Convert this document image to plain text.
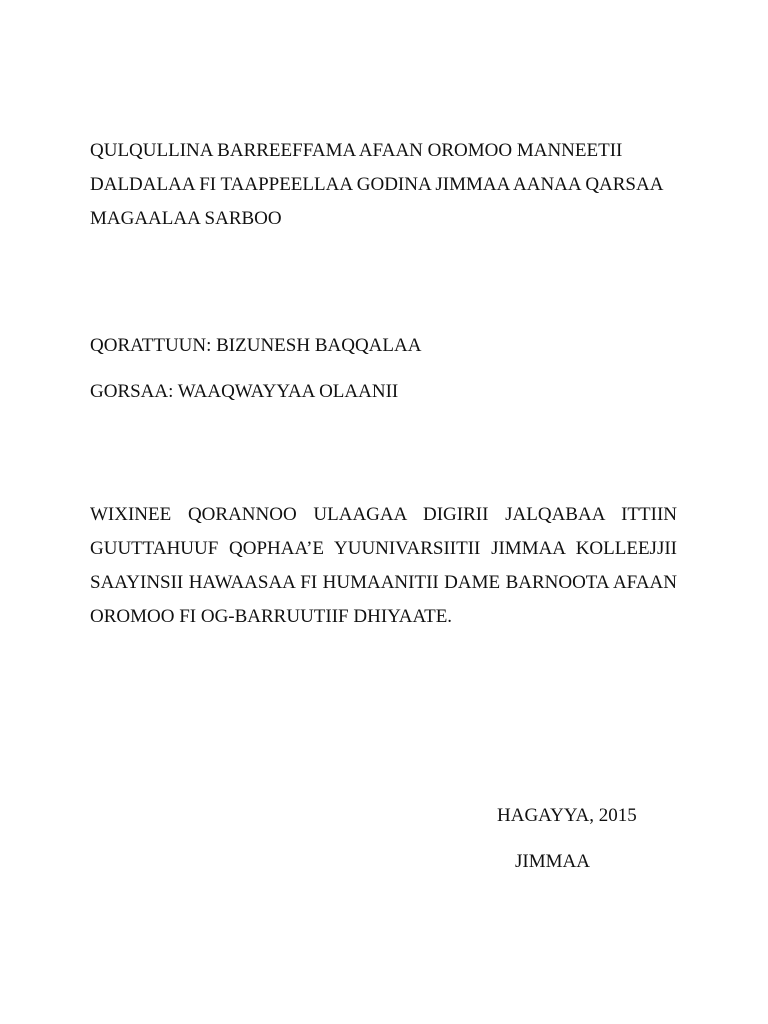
QULQULLINA BARREEFFAMA AFAAN OROMOO MANNEETII
DALDALAA FI TAAPPEELLAA GODINA JIMMAA AANAA QARSAA
MAGAALAA SARBOO
QORATTUUN: BIZUNESH BAQQALAA
GORSAA: WAAQWAYYAA OLAANII
WIXINEE QORANNOO ULAAGAA DIGIRII JALQABAA ITTIIN
GUUTTAHUUF QOPHAA’E YUUNIVARSIITII JIMMAA KOLLEEJJII
SAAYINSII HAWAASAA FI HUMAANITII DAME BARNOOTA AFAAN
OROMOO FI OG-BARRUUTIIF DHIYAATE.
HAGAYYA, 2015
JIMMAA
